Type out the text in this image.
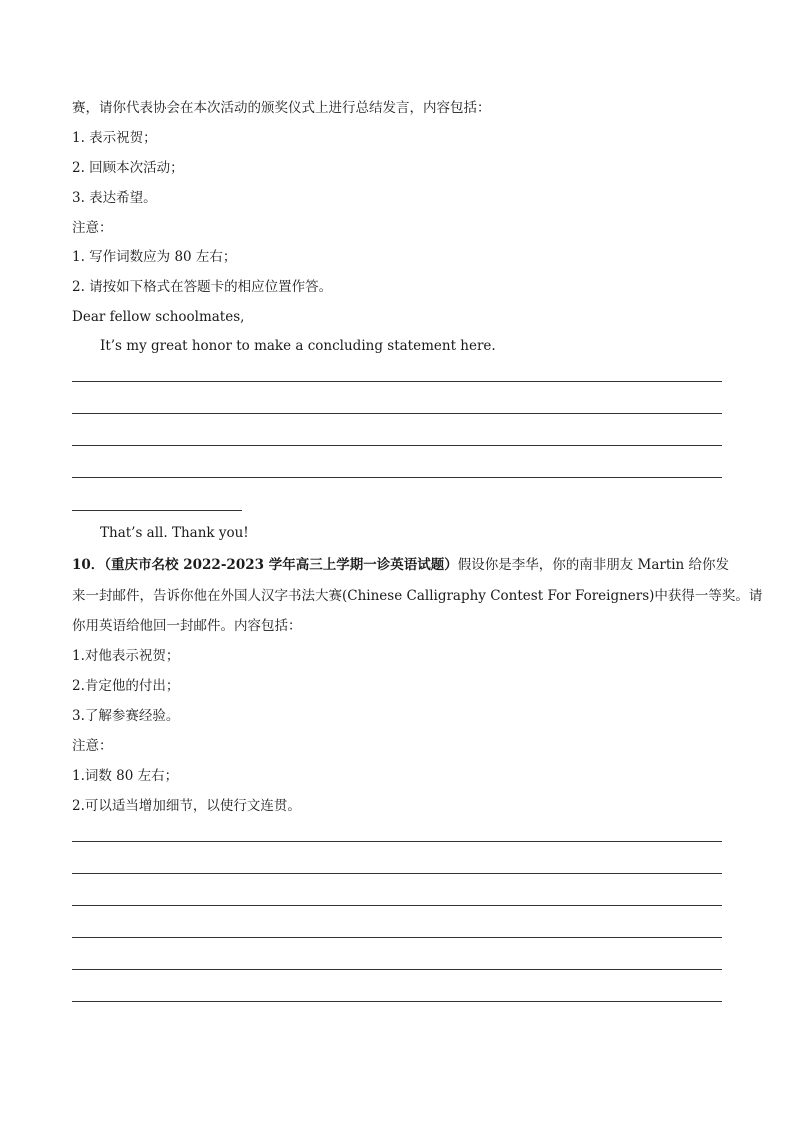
赛，请你代表协会在本次活动的颁奖仪式上进行总结发言，内容包括：
1. 表示祝贺；
2. 回顾本次活动；
3. 表达希望。
注意：
1. 写作词数应为 80 左右；
2. 请按如下格式在答题卡的相应位置作答。
Dear fellow schoolmates,
It’s my great honor to make a concluding statement here.
That’s all. Thank you!
10．（重庆市名校 2022-2023 学年高三上学期一诊英语试题）假设你是李华，你的南非朋友 Martin 给你发
来一封邮件，告诉你他在外国人汉字书法大赛(Chinese Calligraphy Contest For Foreigners)中获得一等奖。请
你用英语给他回一封邮件。内容包括：
1.对他表示祝贺；
2.肯定他的付出；
3.了解参赛经验。
注意：
1.词数 80 左右；
2.可以适当增加细节，以使行文连贯。
